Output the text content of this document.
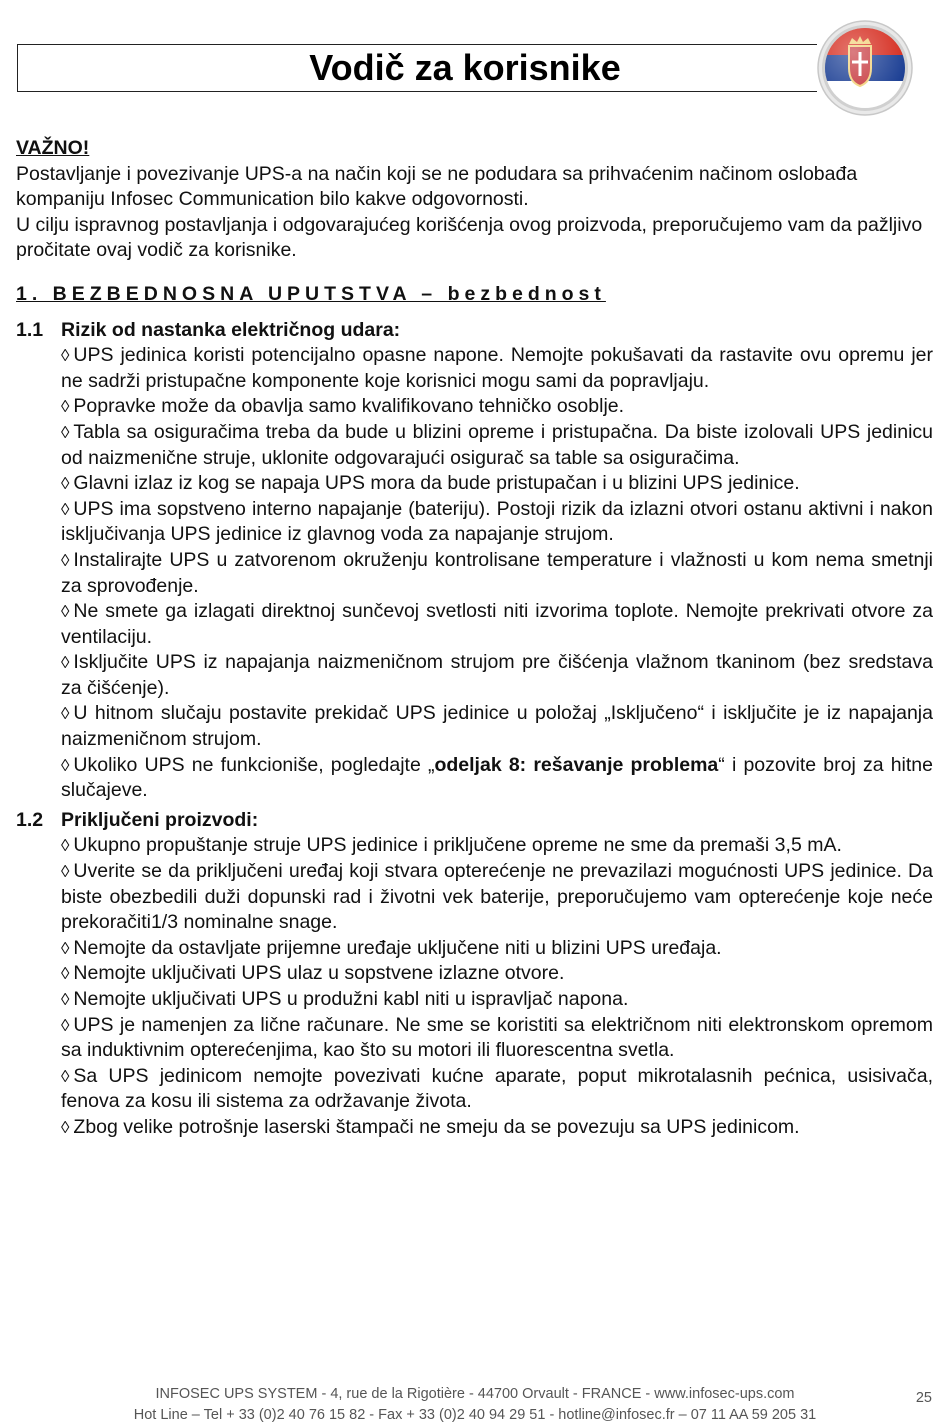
Vodič za korisnike

VAŽNO!

Postavljanje i povezivanje UPS-a na način koji se ne podudara sa prihvaćenim načinom oslobađa kompaniju Infosec Communication bilo kakve odgovornosti.

U cilju ispravnog postavljanja i odgovarajućeg korišćenja ovog proizvoda, preporučujemo vam da pažljivo pročitate ovaj vodič za korisnike.

1. BEZBEDNOSNA UPUTSTVA – bezbednost

1.1 Rizik od nastanka električnog udara:

◊ UPS jedinica koristi potencijalno opasne napone. Nemojte pokušavati da rastavite ovu opremu jer ne sadrži pristupačne komponente koje korisnici mogu sami da popravljaju.
◊ Popravke može da obavlja samo kvalifikovano tehničko osoblje.
◊ Tabla sa osiguračima treba da bude u blizini opreme i pristupačna. Da biste izolovali UPS jedinicu od naizmenične struje, uklonite odgovarajući osigurač sa table sa osiguračima.
◊ Glavni izlaz iz kog se napaja UPS mora da bude pristupačan i u blizini UPS jedinice.
◊ UPS ima sopstveno interno napajanje (bateriju). Postoji rizik da izlazni otvori ostanu aktivni i nakon isključivanja UPS jedinice iz glavnog voda za napajanje strujom.
◊ Instalirajte UPS u zatvorenom okruženju kontrolisane temperature i vlažnosti u kom nema smetnji za sprovođenje.
◊ Ne smete ga izlagati direktnoj sunčevoj svetlosti niti izvorima toplote. Nemojte prekrivati otvore za ventilaciju.
◊ Isključite UPS iz napajanja naizmeničnom strujom pre čišćenja vlažnom tkaninom (bez sredstava za čišćenje).
◊ U hitnom slučaju postavite prekidač UPS jedinice u položaj „Isključeno“ i isključite je iz napajanja naizmeničnom strujom.
◊ Ukoliko UPS ne funkcioniše, pogledajte „odeljak 8: rešavanje problema“ i pozovite broj za hitne slučajeve.

1.2 Priključeni proizvodi:

◊ Ukupno propuštanje struje UPS jedinice i priključene opreme ne sme da premaši 3,5 mA.
◊ Uverite se da priključeni uređaj koji stvara opterećenje ne prevazilazi mogućnosti UPS jedinice. Da biste obezbedili duži dopunski rad i životni vek baterije, preporučujemo vam opterećenje koje neće prekoračiti1/3 nominalne snage.
◊ Nemojte da ostavljate prijemne uređaje uključene niti u blizini UPS uređaja.
◊ Nemojte uključivati UPS ulaz u sopstvene izlazne otvore.
◊ Nemojte uključivati UPS u produžni kabl niti u ispravljač napona.
◊ UPS je namenjen za lične računare. Ne sme se koristiti sa električnom niti elektronskom opremom sa induktivnim opterećenjima, kao što su motori ili fluorescentna svetla.
◊ Sa UPS jedinicom nemojte povezivati kućne aparate, poput mikrotalasnih pećnica, usisivača, fenova za kosu ili sistema za održavanje života.
◊ Zbog velike potrošnje laserski štampači ne smeju da se povezuju sa UPS jedinicom.
INFOSEC UPS SYSTEM - 4, rue de la Rigotière - 44700 Orvault - FRANCE - www.infosec-ups.com
Hot Line – Tel + 33 (0)2 40 76 15 82 - Fax + 33 (0)2 40 94 29 51 - hotline@infosec.fr – 07 11 AA 59 205 31
25
